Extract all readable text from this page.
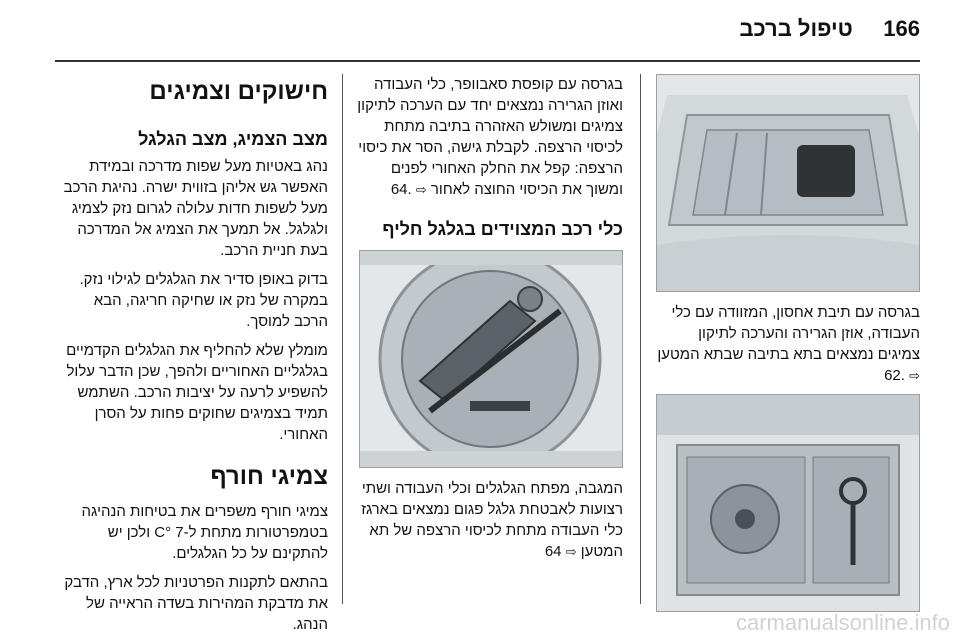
166 טיפול ברכב

בגרסה עם תיבת אחסון, המזוודה עם כלי העבודה, אוזן הגרירה והערכה לתיקון צמיגים נמצאים בתא בתיבה שבתא המטען ⇨ .62

בגרסה עם קופסת סאבוופר, כלי העבודה ואוזן הגרירה נמצאים יחד עם הערכה לתיקון צמיגים ומשולש האזהרה בתיבה מתחת לכיסוי הרצפה. לקבלת גישה, הסר את כיסוי הרצפה: קפל את החלק האחורי לפנים ומשוך את הכיסוי החוצה לאחור ⇨ .64

כלי רכב המצוידים בגלגל חליף

המגבה, מפתח הגלגלים וכלי העבודה ושתי רצועות לאבטחת גלגל פגום נמצאים בארגז כלי העבודה מתחת לכיסוי הרצפה של תא המטען ⇨ 64

חישוקים וצמיגים
מצב הצמיג, מצב הגלגל

נהג באטיות מעל שפות מדרכה ובמידת האפשר גש אליהן בזווית ישרה. נהיגת הרכב מעל לשפות חדות עלולה לגרום נזק לצמיג ולגלגל. אל תמעך את הצמיג אל המדרכה בעת חניית הרכב.

בדוק באופן סדיר את הגלגלים לגילוי נזק. במקרה של נזק או שחיקה חריגה, הבא הרכב למוסך.

מומלץ שלא להחליף את הגלגלים הקדמיים בגלגליים האחוריים ולהפך, שכן הדבר עלול להשפיע לרעה על יציבות הרכב. השתמש תמיד בצמיגים שחוקים פחות על הסרן האחורי.

צמיגי חורף

צמיגי חורף משפרים את בטיחות הנהיגה בטמפרטורות מתחת ל-7 °C ולכן יש להתקינם על כל הגלגלים.

בהתאם לתקנות הפרטניות לכל ארץ, הדבק את מדבקת המהירות בשדה הראייה של הנהג.	carmanualsonline.info
